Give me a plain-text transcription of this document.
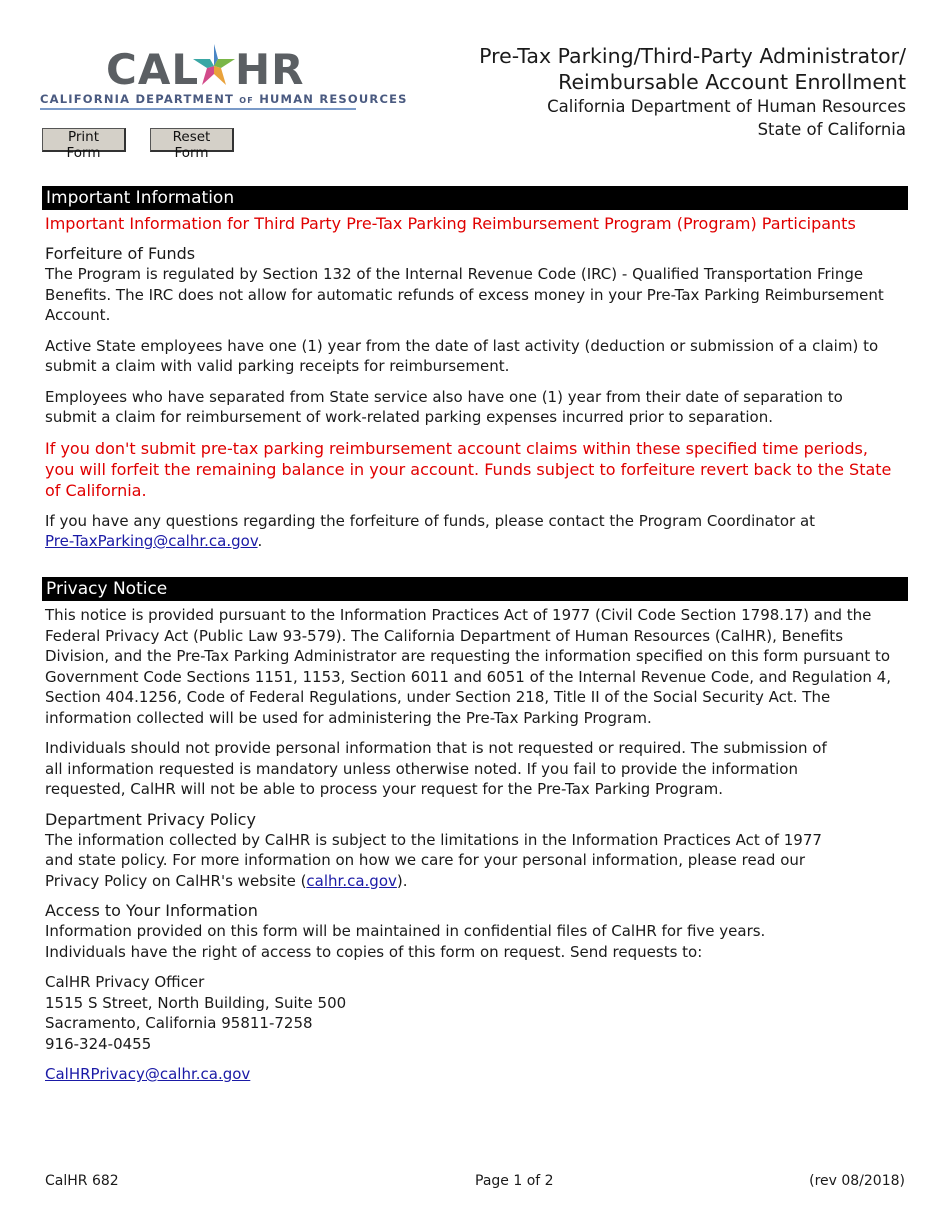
CAL HR
CALIFORNIA DEPARTMENT OF HUMAN RESOURCES
Pre-Tax Parking/Third-Party Administrator/
Reimbursable Account Enrollment
California Department of Human Resources
State of California
Print Form
Reset Form
Important Information

Important Information for Third Party Pre-Tax Parking Reimbursement Program (Program) Participants

Forfeiture of Funds

The Program is regulated by Section 132 of the Internal Revenue Code (IRC) - Qualified Transportation Fringe Benefits. The IRC does not allow for automatic refunds of excess money in your Pre-Tax Parking Reimbursement Account.

Active State employees have one (1) year from the date of last activity (deduction or submission of a claim) to submit a claim with valid parking receipts for reimbursement.

Employees who have separated from State service also have one (1) year from their date of separation to submit a claim for reimbursement of work-related parking expenses incurred prior to separation.

If you don't submit pre-tax parking reimbursement account claims within these specified time periods, you will forfeit the remaining balance in your account. Funds subject to forfeiture revert back to the State of California.

If you have any questions regarding the forfeiture of funds, please contact the Program Coordinator at
Pre-TaxParking@calhr.ca.gov.

Privacy Notice

This notice is provided pursuant to the Information Practices Act of 1977 (Civil Code Section 1798.17) and the Federal Privacy Act (Public Law 93-579). The California Department of Human Resources (CalHR), Benefits Division, and the Pre-Tax Parking Administrator are requesting the information specified on this form pursuant to Government Code Sections 1151, 1153, Section 6011 and 6051 of the Internal Revenue Code, and Regulation 4, Section 404.1256, Code of Federal Regulations, under Section 218, Title II of the Social Security Act. The information collected will be used for administering the Pre-Tax Parking Program.

Individuals should not provide personal information that is not requested or required. The submission of all information requested is mandatory unless otherwise noted. If you fail to provide the information requested, CalHR will not be able to process your request for the Pre-Tax Parking Program.

Department Privacy Policy

The information collected by CalHR is subject to the limitations in the Information Practices Act of 1977 and state policy. For more information on how we care for your personal information, please read our Privacy Policy on CalHR's website (calhr.ca.gov).

Access to Your Information

Information provided on this form will be maintained in confidential files of CalHR for five years. Individuals have the right of access to copies of this form on request. Send requests to:

CalHR Privacy Officer
1515 S Street, North Building, Suite 500
Sacramento, California 95811-7258
916-324-0455
CalHRPrivacy@calhr.ca.gov
CalHR 682	Page 1 of 2	(rev 08/2018)
